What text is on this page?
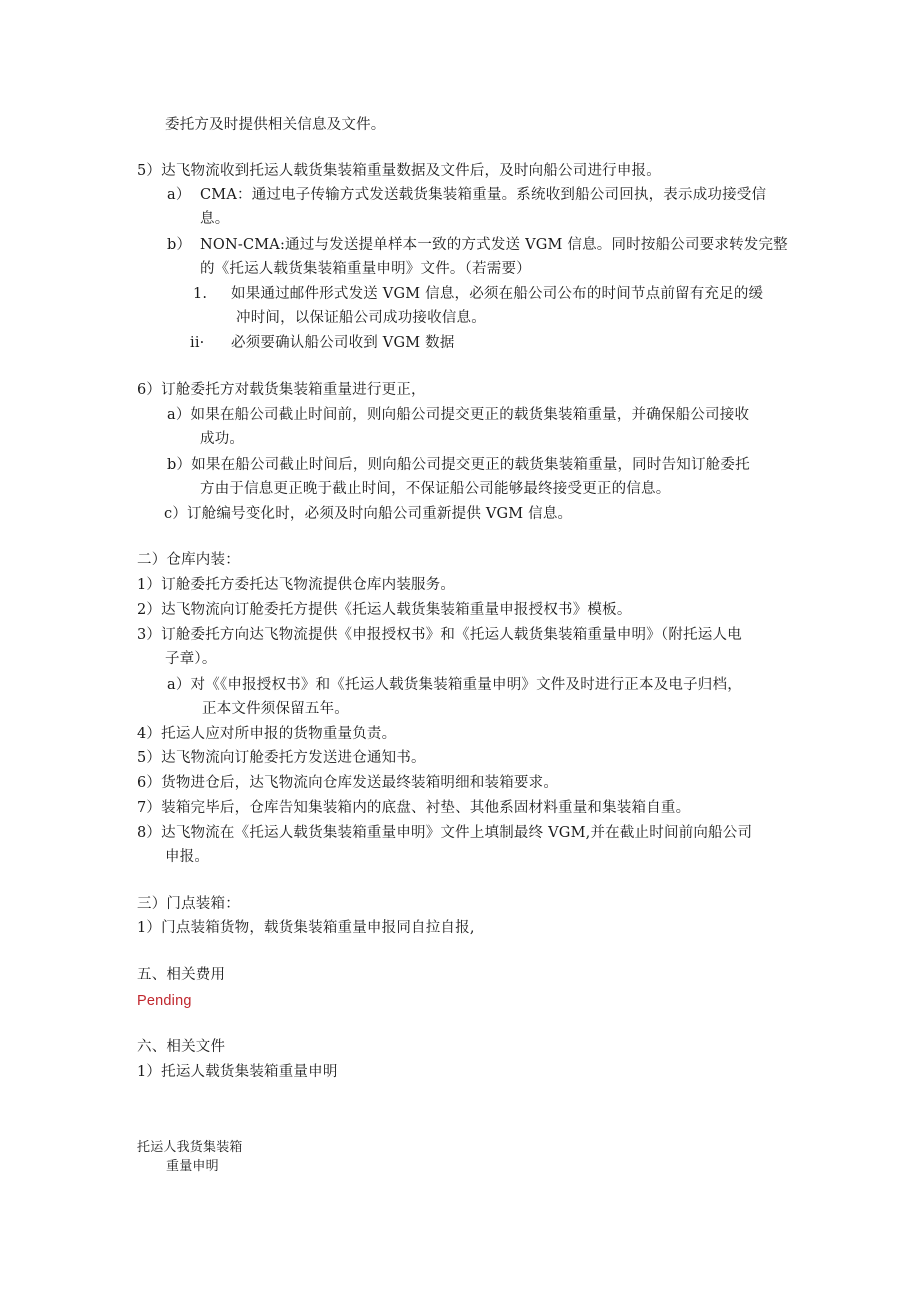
委托方及时提供相关信息及文件。
5）达飞物流收到托运人载货集装箱重量数据及文件后，及时向船公司进行申报。
a） CMA：通过电子传输方式发送载货集装箱重量。系统收到船公司回执，表示成功接受信
息。
b） NON-CMA:通过与发送提单样本一致的方式发送 VGM 信息。同时按船公司要求转发完整
的《托运人载货集装箱重量申明》文件。（若需要）
1. 如果通过邮件形式发送 VGM 信息，必须在船公司公布的时间节点前留有充足的缓
冲时间，以保证船公司成功接收信息。
ii· 必须要确认船公司收到 VGM 数据
6）订舱委托方对载货集装箱重量进行更正，
a）如果在船公司截止时间前，则向船公司提交更正的载货集装箱重量，并确保船公司接收
成功。
b）如果在船公司截止时间后，则向船公司提交更正的载货集装箱重量，同时告知订舱委托
方由于信息更正晚于截止时间，不保证船公司能够最终接受更正的信息。
c）订舱编号变化时，必须及时向船公司重新提供 VGM 信息。
二）仓库内装：
1）订舱委托方委托达飞物流提供仓库内装服务。
2）达飞物流向订舱委托方提供《托运人载货集装箱重量申报授权书》模板。
3）订舱委托方向达飞物流提供《申报授权书》和《托运人载货集装箱重量申明》（附托运人电
子章）。
a）对《《申报授权书》和《托运人载货集装箱重量申明》文件及时进行正本及电子归档，
正本文件须保留五年。
4）托运人应对所申报的货物重量负责。
5）达飞物流向订舱委托方发送进仓通知书。
6）货物进仓后，达飞物流向仓库发送最终装箱明细和装箱要求。
7）装箱完毕后，仓库告知集装箱内的底盘、衬垫、其他系固材料重量和集装箱自重。
8）达飞物流在《托运人载货集装箱重量申明》文件上填制最终 VGM,并在截止时间前向船公司
申报。
三）门点装箱：
1）门点装箱货物，载货集装箱重量申报同自拉自报,
五、相关费用
Pending
六、相关文件
1）托运人载货集装箱重量申明
托运人我货集装箱
重量申明
